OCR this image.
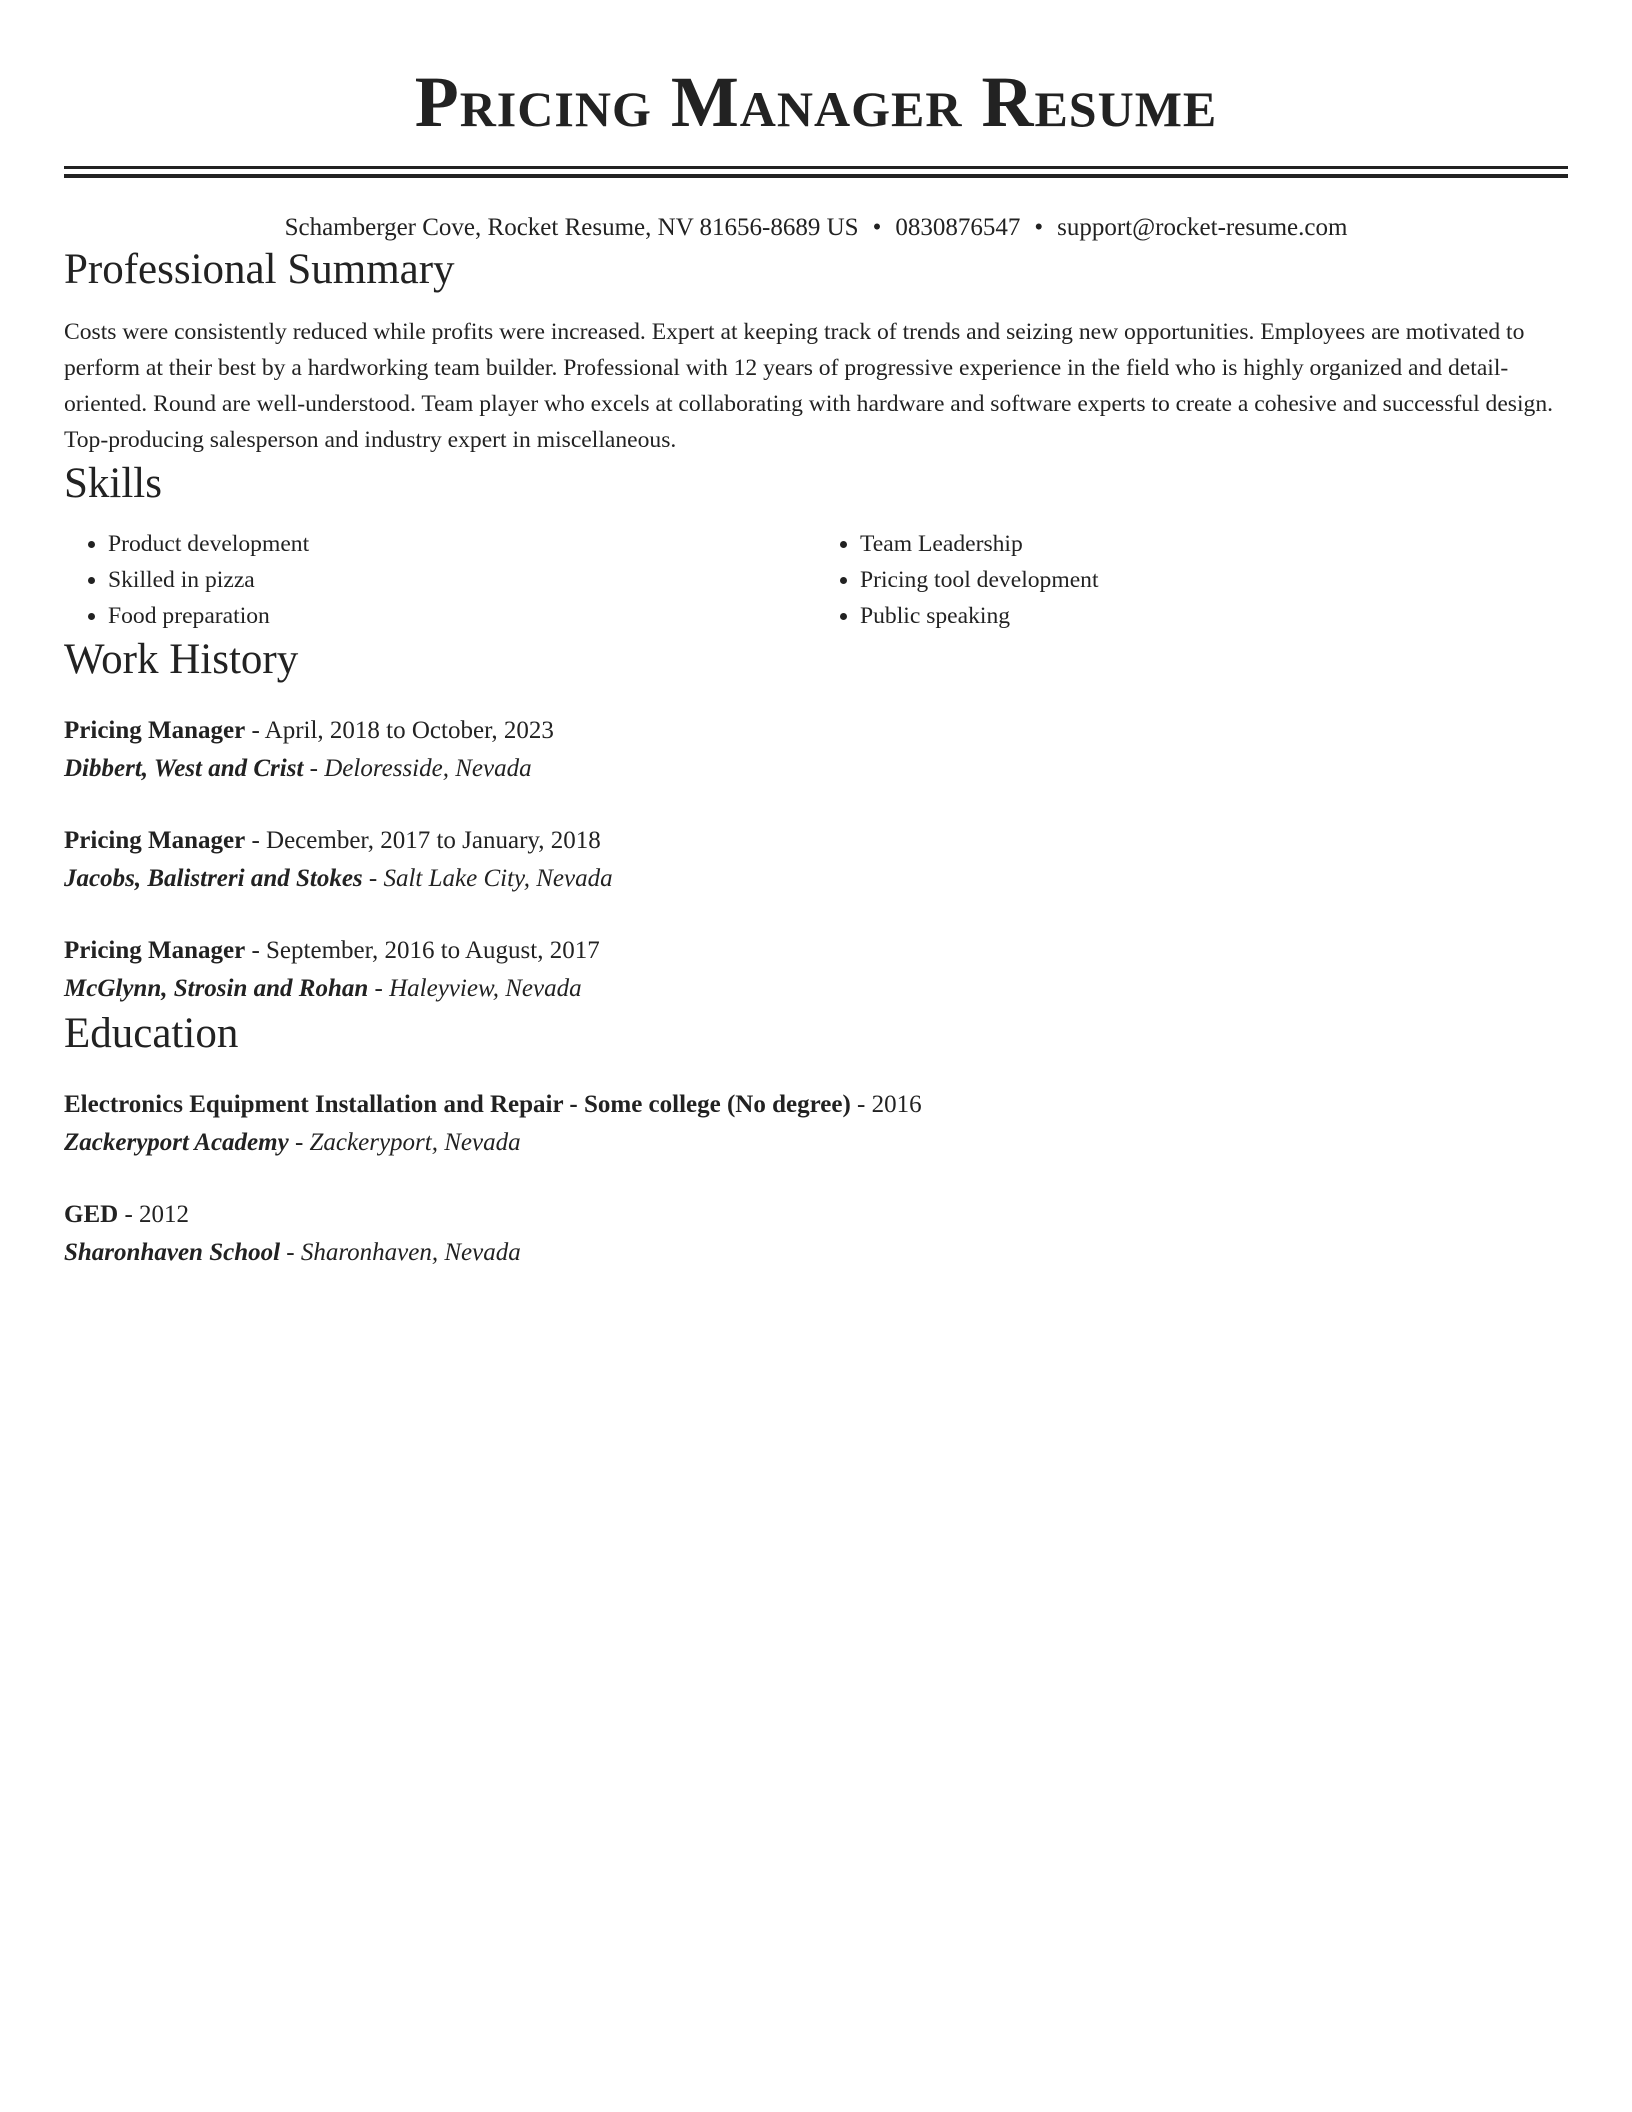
Pricing Manager Resume
Schamberger Cove, Rocket Resume, NV 81656-8689 US • 0830876547 • support@rocket-resume.com
Professional Summary

Costs were consistently reduced while profits were increased. Expert at keeping track of trends and seizing new opportunities. Employees are motivated to perform at their best by a hardworking team builder. Professional with 12 years of progressive experience in the field who is highly organized and detail-oriented. Round are well-understood. Team player who excels at collaborating with hardware and software experts to create a cohesive and successful design. Top-producing salesperson and industry expert in miscellaneous.

Skills
• Product development
• Skilled in pizza
• Food preparation
• Team Leadership
• Pricing tool development
• Public speaking
Work History
Pricing Manager - April, 2018 to October, 2023
Dibbert, West and Crist - Deloresside, Nevada
Pricing Manager - December, 2017 to January, 2018
Jacobs, Balistreri and Stokes - Salt Lake City, Nevada
Pricing Manager - September, 2016 to August, 2017
McGlynn, Strosin and Rohan - Haleyview, Nevada
Education
Electronics Equipment Installation and Repair - Some college (No degree) - 2016
Zackeryport Academy - Zackeryport, Nevada
GED - 2012
Sharonhaven School - Sharonhaven, Nevada
